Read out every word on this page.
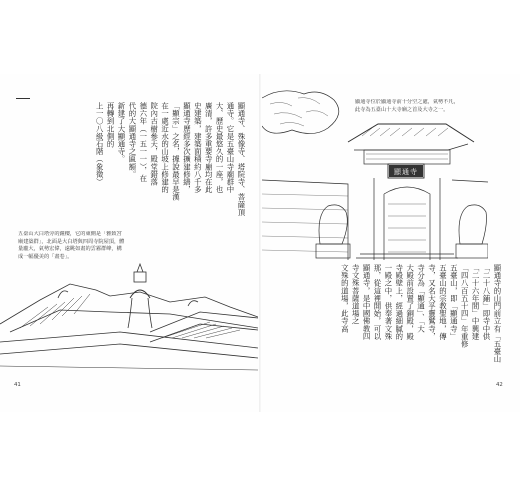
顯通寺、殊像寺、塔院寺、菩薩頂
通寺。它是五臺山寺廟群中
大、歷史最悠久的一座，也
廣清，許多重要寺廟均在此
史建築，建築面積約八千多
顯通寺歷經多次擴建修繕，
「顯宗」之名，據說最早是漢
在一處近水的山坡上修建的
院內古樹參天，殿堂錯落
德六年（一五一一），在
代的大顯通寺之匾額。
新建了大顯通寺。
再轉到北側的
上一〇八級石階（象徵）
五臺山大白塔旁的鐘樓，它的東側是「雅致宮廟建築群」，北面是大白塔與四周寺院屋頂，體量龐大，氣勢宏偉，遠眺如畫的雲霧群峰，構成一幅優美的「畫卷」。
41
顯通寺
顯通寺位於顯通寺前十分空之處，氣勢不凡，此寺為五臺山十大寺廟之首及大寺之一。
顯通寺的山門前立有「五臺山
「二十八鋪」即寺中供
「二十六年間」中興建
「四八百五十四」年重修
五臺山，即「顯通寺」
五臺山的宗教聖地，傳
寺，又名大孚靈鷲寺，
寺分為「顯通」、「大
大殿前設置了銅殿，殿
寺殿壁上，經過細膩的
一殿之中，供奉著文殊
那，從這裡開始，可以
顯通寺，是中國佛教四
寺文殊菩薩道場之
文殊的道場，此寺高
42
